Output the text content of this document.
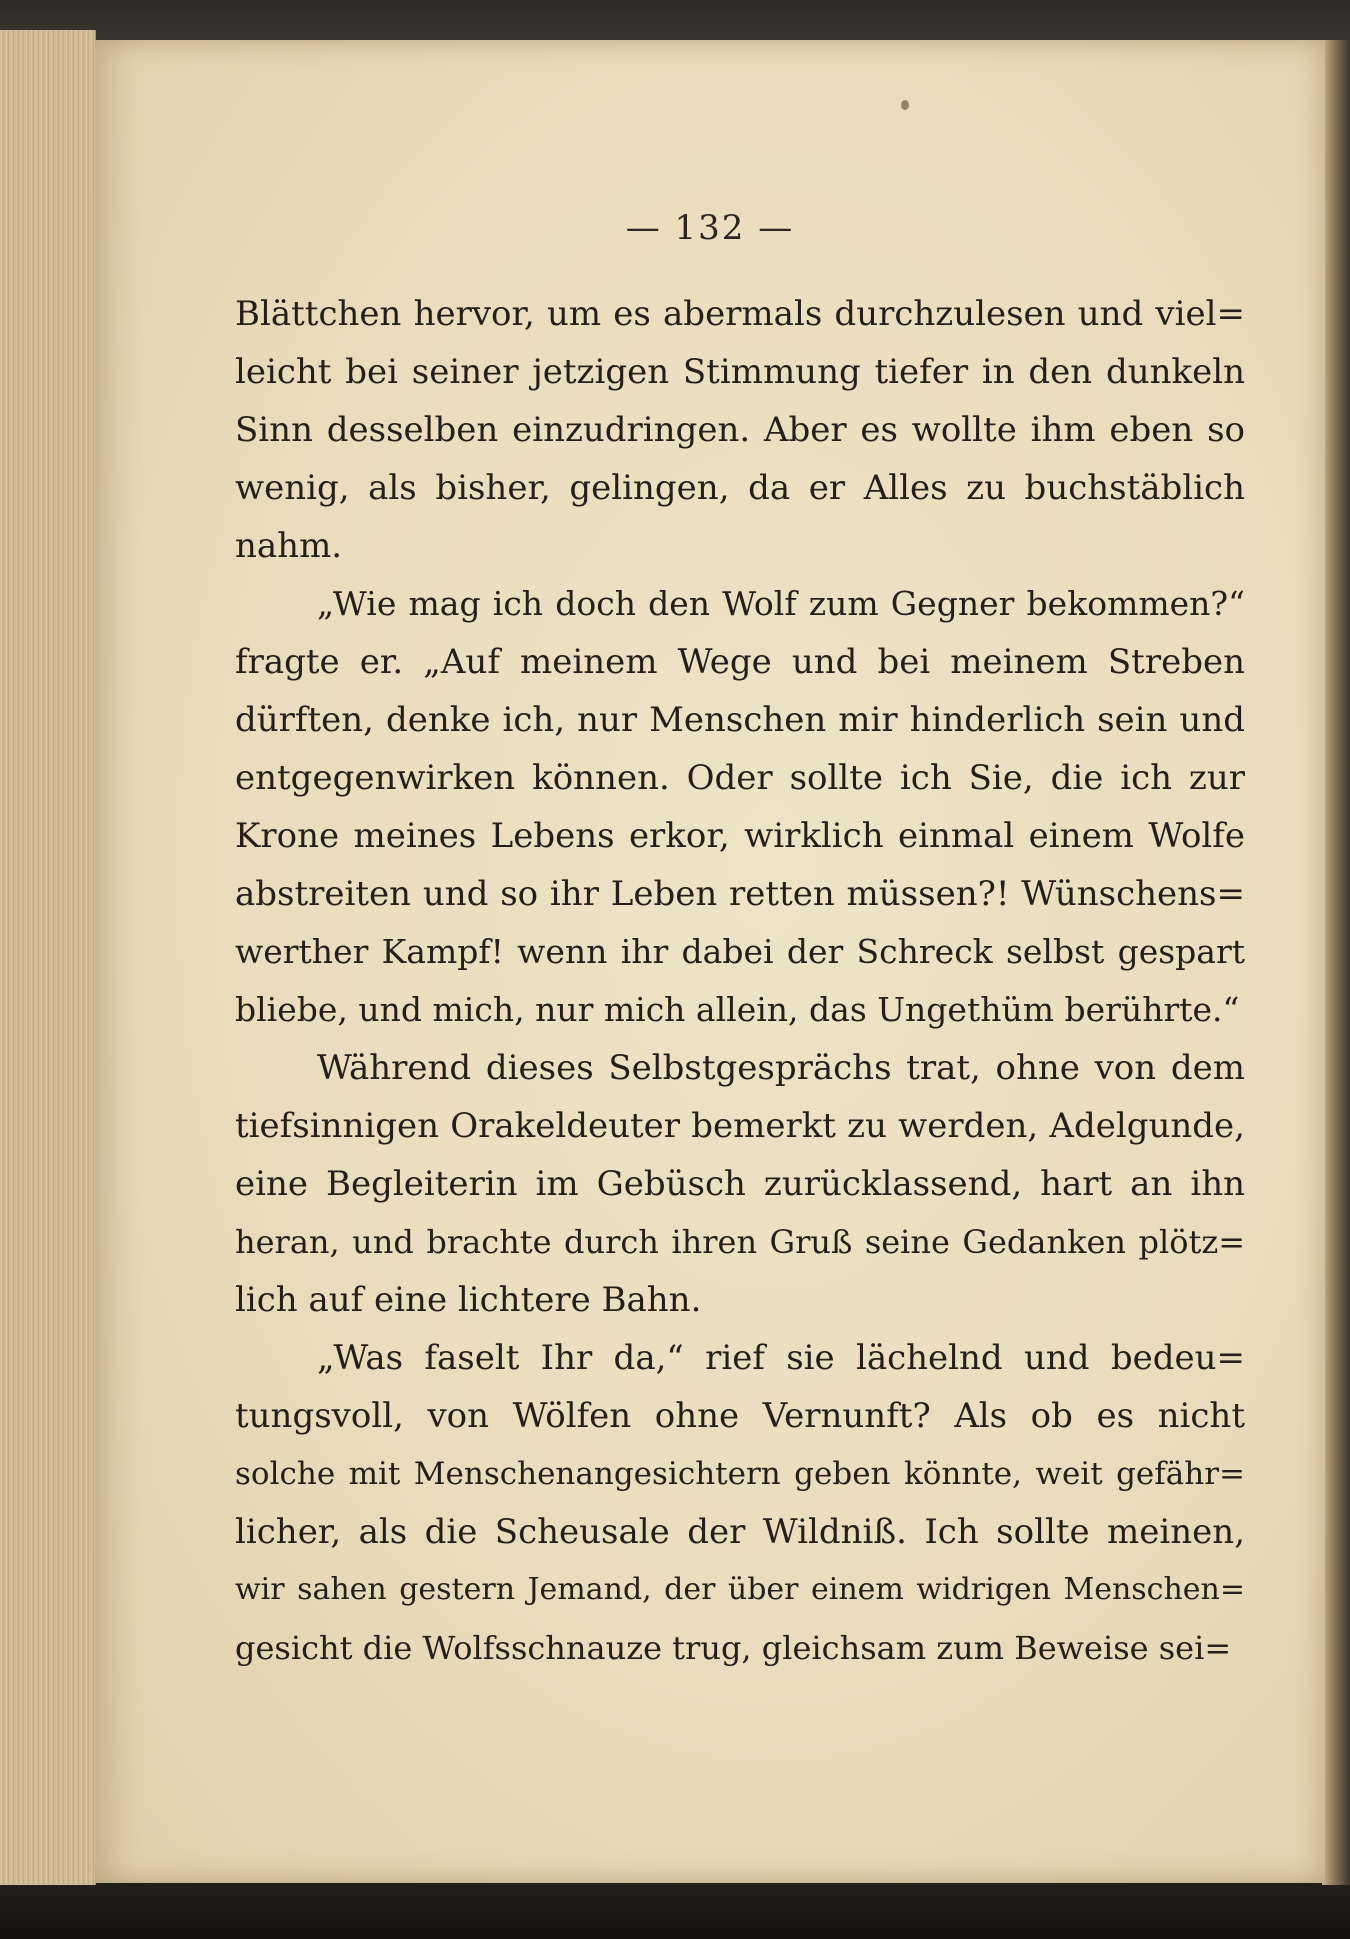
— 132 —
Blättchen hervor, um es abermals durchzulesen und viel=
leicht bei seiner jetzigen Stimmung tiefer in den dunkeln
Sinn desselben einzudringen. Aber es wollte ihm eben so
wenig, als bisher, gelingen, da er Alles zu buchstäblich
nahm.
„Wie mag ich doch den Wolf zum Gegner bekommen?“
fragte er. „Auf meinem Wege und bei meinem Streben
dürften, denke ich, nur Menschen mir hinderlich sein und
entgegenwirken können. Oder sollte ich Sie, die ich zur
Krone meines Lebens erkor, wirklich einmal einem Wolfe
abstreiten und so ihr Leben retten müssen?! Wünschens=
werther Kampf! wenn ihr dabei der Schreck selbst gespart
bliebe, und mich, nur mich allein, das Ungethüm berührte.“
Während dieses Selbstgesprächs trat, ohne von dem
tiefsinnigen Orakeldeuter bemerkt zu werden, Adelgunde,
eine Begleiterin im Gebüsch zurücklassend, hart an ihn
heran, und brachte durch ihren Gruß seine Gedanken plötz=
lich auf eine lichtere Bahn.
„Was faselt Ihr da,“ rief sie lächelnd und bedeu=
tungsvoll, von Wölfen ohne Vernunft? Als ob es nicht
solche mit Menschenangesichtern geben könnte, weit gefähr=
licher, als die Scheusale der Wildniß. Ich sollte meinen,
wir sahen gestern Jemand, der über einem widrigen Menschen=
gesicht die Wolfsschnauze trug, gleichsam zum Beweise sei=
